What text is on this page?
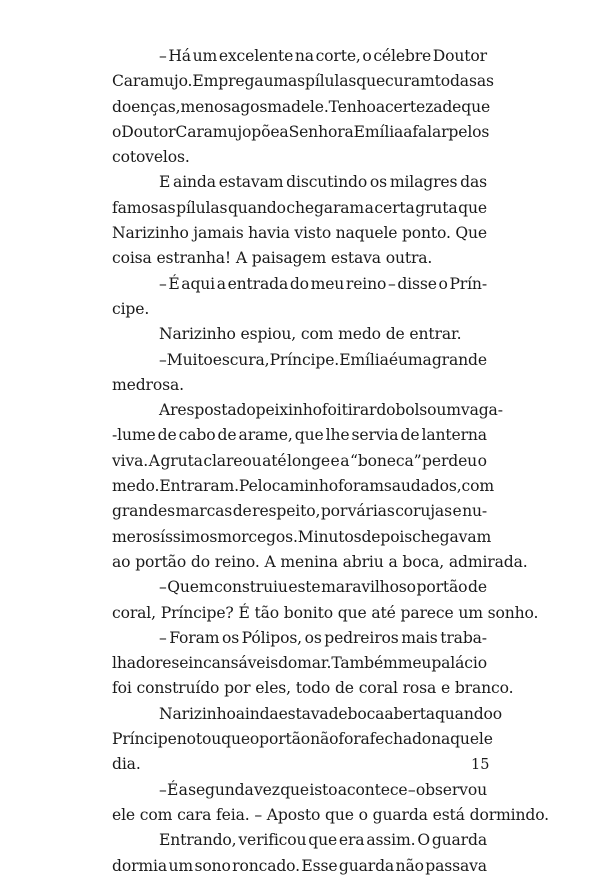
– Há um excelente na corte, o célebre Doutor
Caramujo. Emprega umas pílulas que curam todas as
doenças, menos a gosma dele. Tenho a certeza de que
o Doutor Caramujo põe a Senhora Emília a falar pelos
cotovelos.
E ainda estavam discutindo os milagres das
famosas pílulas quando chegaram a certa gruta que
Narizinho jamais havia visto naquele ponto. Que
coisa estranha! A paisagem estava outra.
– É aqui a entrada do meu reino – disse o Prín-
cipe.
Narizinho espiou, com medo de entrar.
– Muito escura, Príncipe. Emília é uma grande
medrosa.
A resposta do peixinho foi tirar do bolso um vaga-
-lume de cabo de arame, que lhe servia de lanterna
viva. A gruta clareou até longe e a “boneca” perdeu o
medo. Entraram. Pelo caminho foram saudados, com
grandes marcas de respeito, por várias corujas e nu-
merosíssimos morcegos. Minutos depois chegavam
ao portão do reino. A menina abriu a boca, admirada.
– Quem construiu este maravilhoso portão de
coral, Príncipe? É tão bonito que até parece um sonho.
– Foram os Pólipos, os pedreiros mais traba-
lhadores e incansáveis do mar. Também meu palácio
foi construído por eles, todo de coral rosa e branco.
Narizinho ainda estava de boca aberta quando o
Príncipe notou que o portão não fora fechado naquele
dia.
– É a segunda vez que isto acontece – observou
ele com cara feia. – Aposto que o guarda está dormindo.
Entrando, verificou que era assim. O guarda
dormia um sono roncado. Esse guarda não passava
15
